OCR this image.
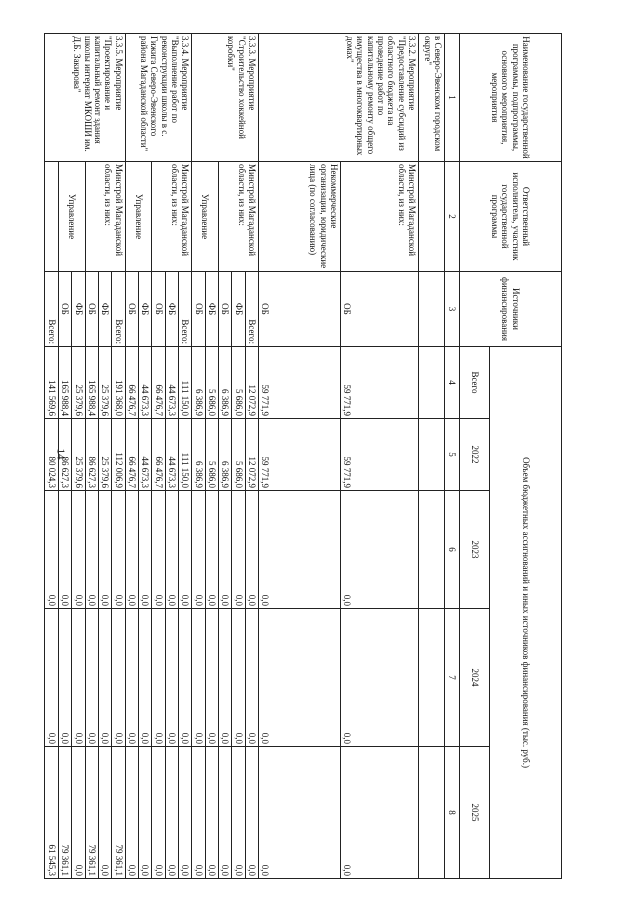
14
Наименование государственной программы, подпрограммы, основного мероприятия, мероприятия	Ответственный исполнитель, участник государственной программы	Источники финансирования	Объем бюджетных ассигнований и иных источников финансирования (тыс. руб.)				
			Всего	2022	2023	2024	2025
1	2	3	4	5	6	7	8
в Северо-Эвенском городском округе"							
3.3.2. Мероприятие "Предоставление субсидий из областного бюджета на проведение работ по капитальному ремонту общего имущества в многоквартирных домах"	Минстрой Магаданской области, из них:	ОБ	59 771,9	59 771,9	0,0	0,0	0,0
	Некоммерческие организации, юридические лица (по согласованию)	ОБ	59 771,9	59 771,9	0,0	0,0	0,0
3.3.3. Мероприятие "Строительство хоккейной коробки"	Минстрой Магаданской области, из них:	Всего:	12 072,9	12 072,9	0,0	0,0	0,0
		ФБ	5 686,0	5 686,0	0,0	0,0	0,0
		ОБ	6 386,9	6 386,9	0,0	0,0	0,0
	Управление	ФБ	5 686,0	5 686,0	0,0	0,0	0,0
		ОБ	6 386,9	6 386,9	0,0	0,0	0,0
3.3.4. Мероприятие "Выполнение работ по реконструкции школы в с. Гижига Северо-Эвенского района Магаданской области"	Минстрой Магаданской области, из них:	Всего:	111 150,0	111 150,0	0,0	0,0	0,0
		ФБ	44 673,3	44 673,3	0,0	0,0	0,0
		ОБ	66 476,7	66 476,7	0,0	0,0	0,0
	Управление	ФБ	44 673,3	44 673,3	0,0	0,0	0,0
		ОБ	66 476,7	66 476,7	0,0	0,0	0,0
3.3.5. Мероприятие "Проектирование и капитальный ремонт здания школы интернат МКОШИ им. Д.Б. Закирова"	Минстрой Магаданской области, из них:	Всего:	191 368,0	112 006,9	0,0	0,0	79 361,1
		ФБ	25 379,6	25 379,6	0,0	0,0	0,0
		ОБ	165 988,4	86 627,3	0,0	0,0	79 361,1
	Управление	ФБ	25 379,6	25 379,6	0,0	0,0	0,0
		ОБ	165 988,4	86 627,3	0,0	0,0	79 361,1
		Всего:	141 569,6	80 024,3	0,0	0,0	61 545,3
